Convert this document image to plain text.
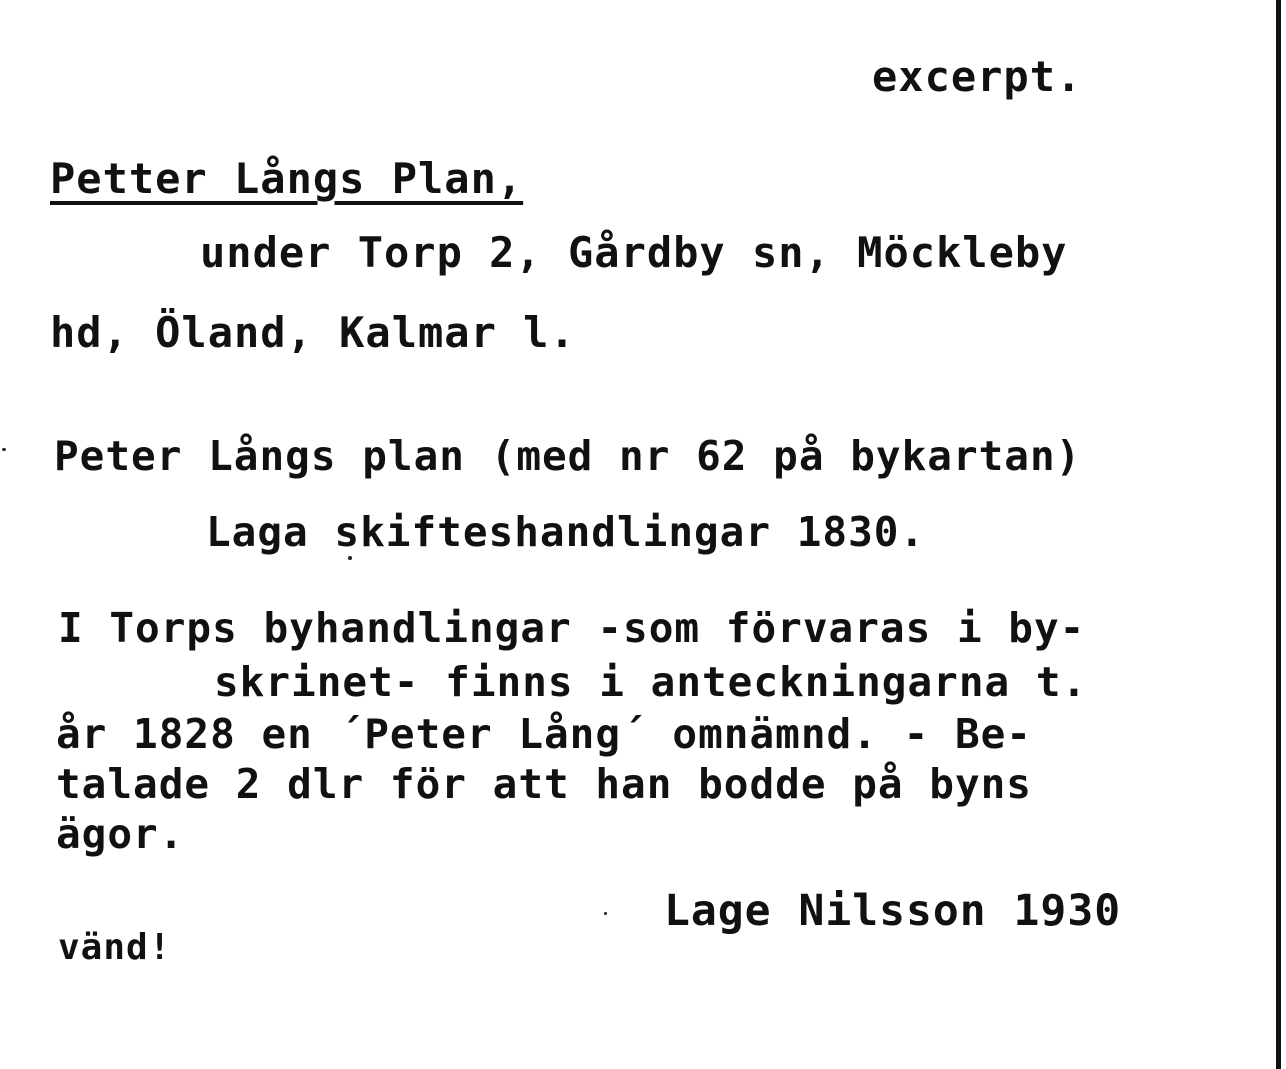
excerpt.
Petter Långs Plan,
under Torp 2, Gårdby sn, Möckleby
hd, Öland, Kalmar l.
Peter Långs plan (med nr 62 på bykartan)
Laga skifteshandlingar 1830.
I Torps byhandlingar -som förvaras i by-
skrinet- finns i anteckningarna t.
år 1828 en ´Peter Lång´ omnämnd. - Be-
talade 2 dlr för att han bodde på byns
ägor.
Lage Nilsson 1930
vänd!
